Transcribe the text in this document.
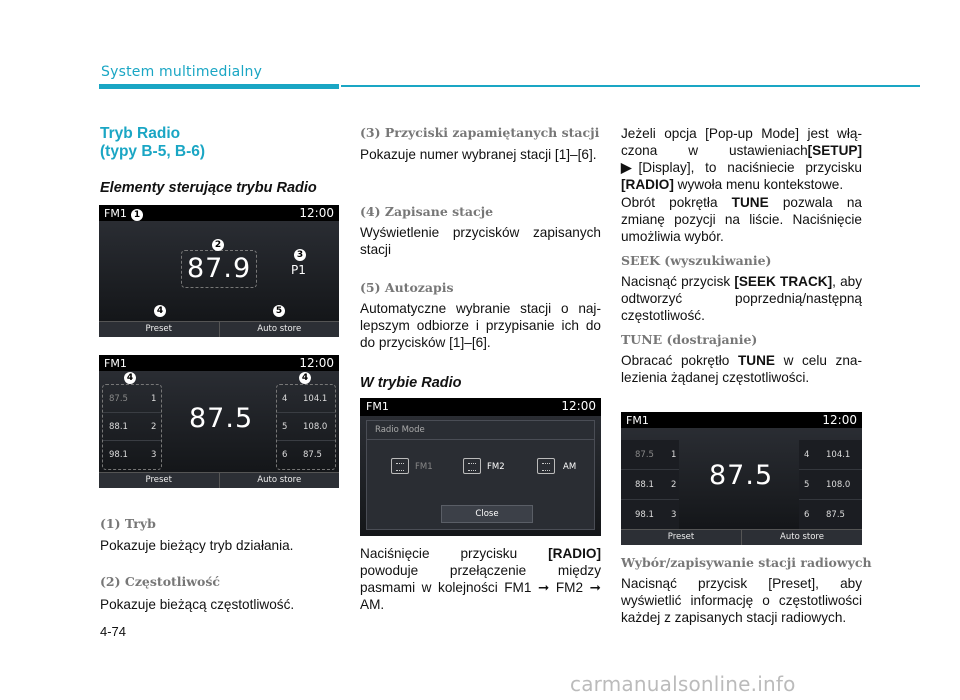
System multimedialny
Tryb Radio
(typy B-5, B-6)
Elementy sterujące trybu Radio
FM1	12:00
87.9	P1
1
2
3
4	5
Preset	Auto store
FM1	12:00
87.5	1
88.1	2
98.1	3
4 104.1
5 108.0
6 87.5
87.5
4	4
Preset	Auto store
(1) Tryb
Pokazuje bieżący tryb działania.
(2) Częstotliwość
Pokazuje bieżącą częstotliwość.
4-74
(3) Przyciski zapamiętanych stacji
Pokazuje numer wybranej stacji [1]–[6].
(4) Zapisane stacje
Wyświetlenie przycisków zapisanych stacji
(5) Autozapis
Automatyczne wybranie stacji o najlepszym odbiorze i przypisanie ich do do przycisków [1]–[6].
W trybie Radio
FM1	12:00
Radio Mode
FM1	FM2	AM
Close
Naciśnięcie przycisku [RADIO] powoduje przełączenie między pasmami w kolejności FM1 ➞ FM2 ➞ AM.
Jeżeli opcja [Pop-up Mode] jest włączona w ustawieniach[SETUP] ▶[Display], to naciśniecie przycisku [RADIO] wywoła menu kontekstowe.
Obrót pokrętła TUNE pozwala na zmianę pozycji na liście. Naciśnięcie umożliwia wybór.
SEEK (wyszukiwanie)
Nacisnąć przycisk [SEEK TRACK], aby odtworzyć poprzednią/następną częstotliwość.
TUNE (dostrajanie)
Obracać pokrętło TUNE w celu znalezienia żądanej częstotliwości.
FM1	12:00
87.5 1
88.1 2
98.1 3
4 104.1
5 108.0
6 87.5
87.5
Preset	Auto store
Wybór/zapisywanie stacji radiowych
Nacisnąć przycisk [Preset], aby wyświetlić informację o częstotliwości każdej z zapisanych stacji radiowych.
carmanualsonline.info
